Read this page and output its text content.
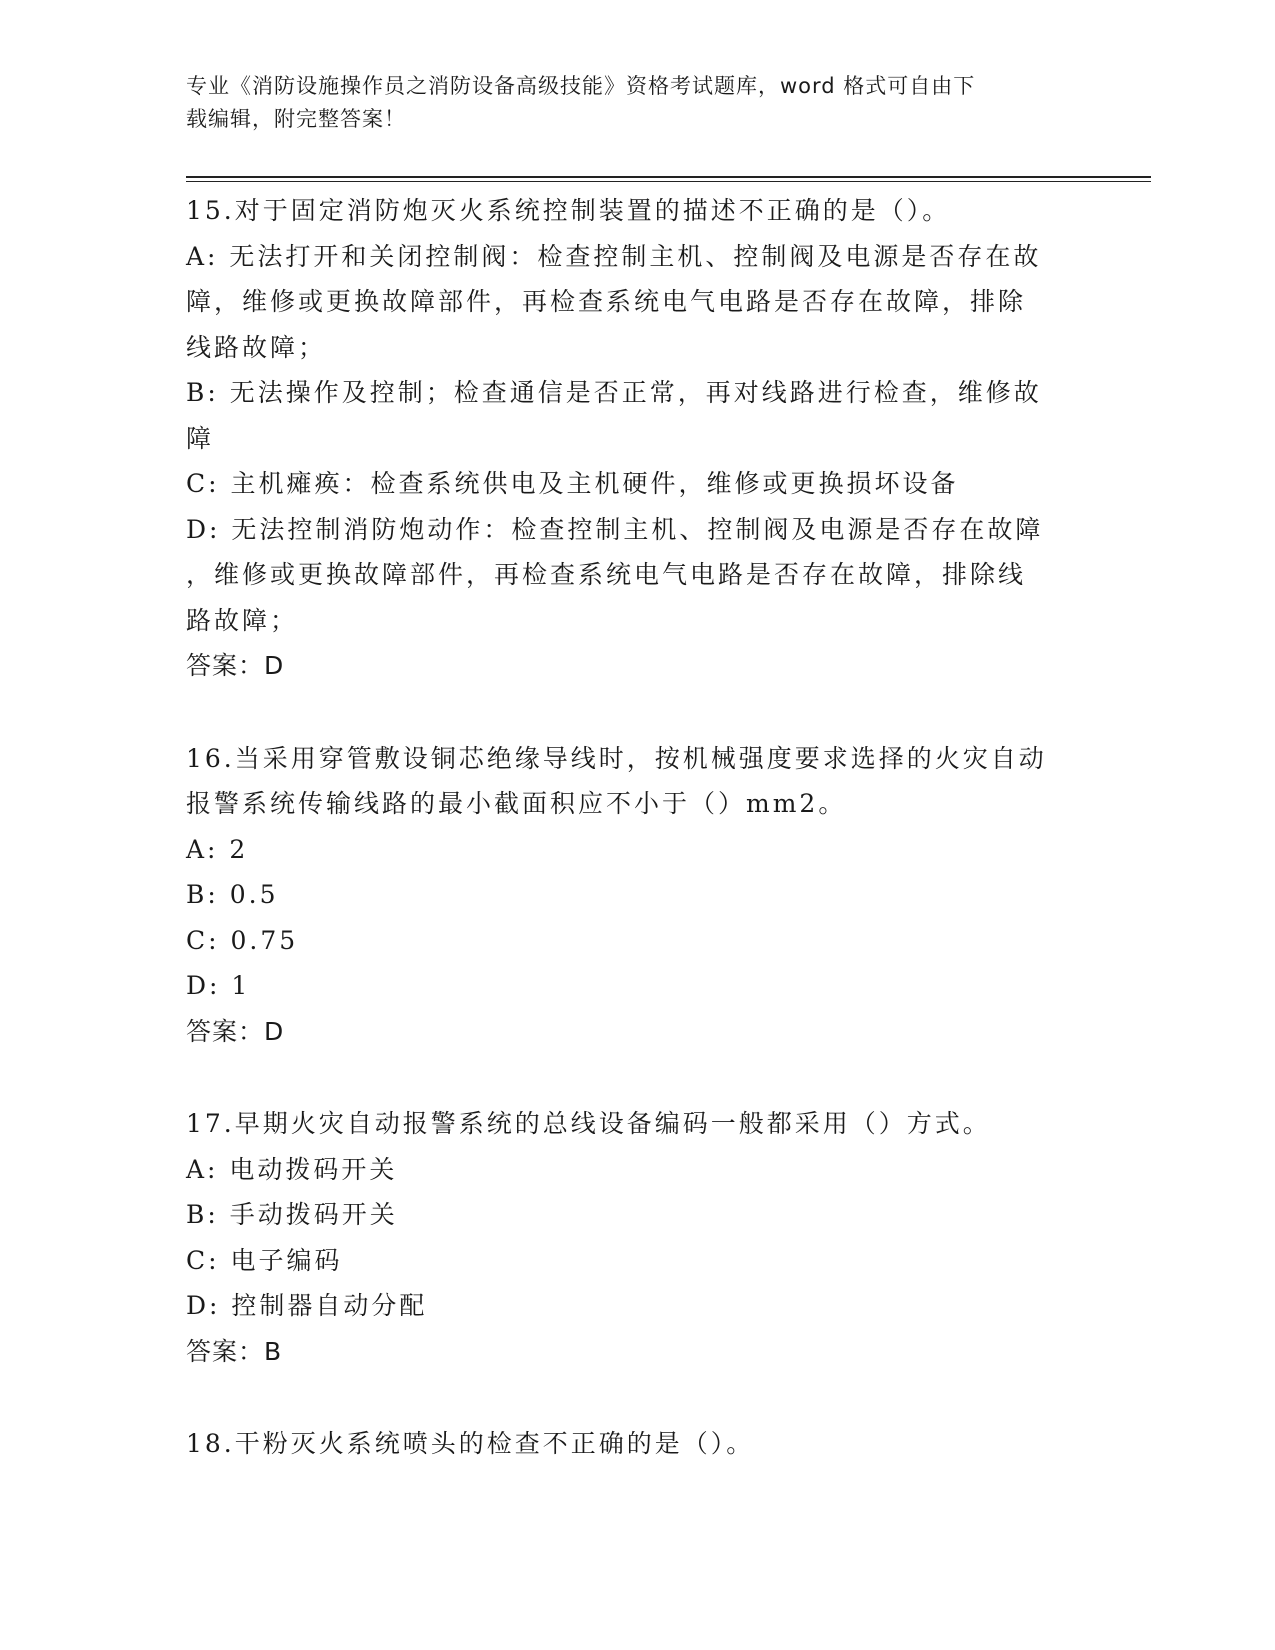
专业《消防设施操作员之消防设备高级技能》资格考试题库，word 格式可自由下
载编辑，附完整答案！
15.对于固定消防炮灭火系统控制装置的描述不正确的是（）。
A: 无法打开和关闭控制阀：检查控制主机、控制阀及电源是否存在故
障，维修或更换故障部件，再检查系统电气电路是否存在故障，排除
线路故障；
B: 无法操作及控制；检查通信是否正常，再对线路进行检查，维修故
障
C: 主机瘫痪：检查系统供电及主机硬件，维修或更换损坏设备
D: 无法控制消防炮动作：检查控制主机、控制阀及电源是否存在故障
，维修或更换故障部件，再检查系统电气电路是否存在故障，排除线
路故障；
答案：D
16.当采用穿管敷设铜芯绝缘导线时，按机械强度要求选择的火灾自动
报警系统传输线路的最小截面积应不小于（）mm2。
A: 2
B: 0.5
C: 0.75
D: 1
答案：D
17.早期火灾自动报警系统的总线设备编码一般都采用（）方式。
A: 电动拨码开关
B: 手动拨码开关
C: 电子编码
D: 控制器自动分配
答案：B
18.干粉灭火系统喷头的检查不正确的是（）。
